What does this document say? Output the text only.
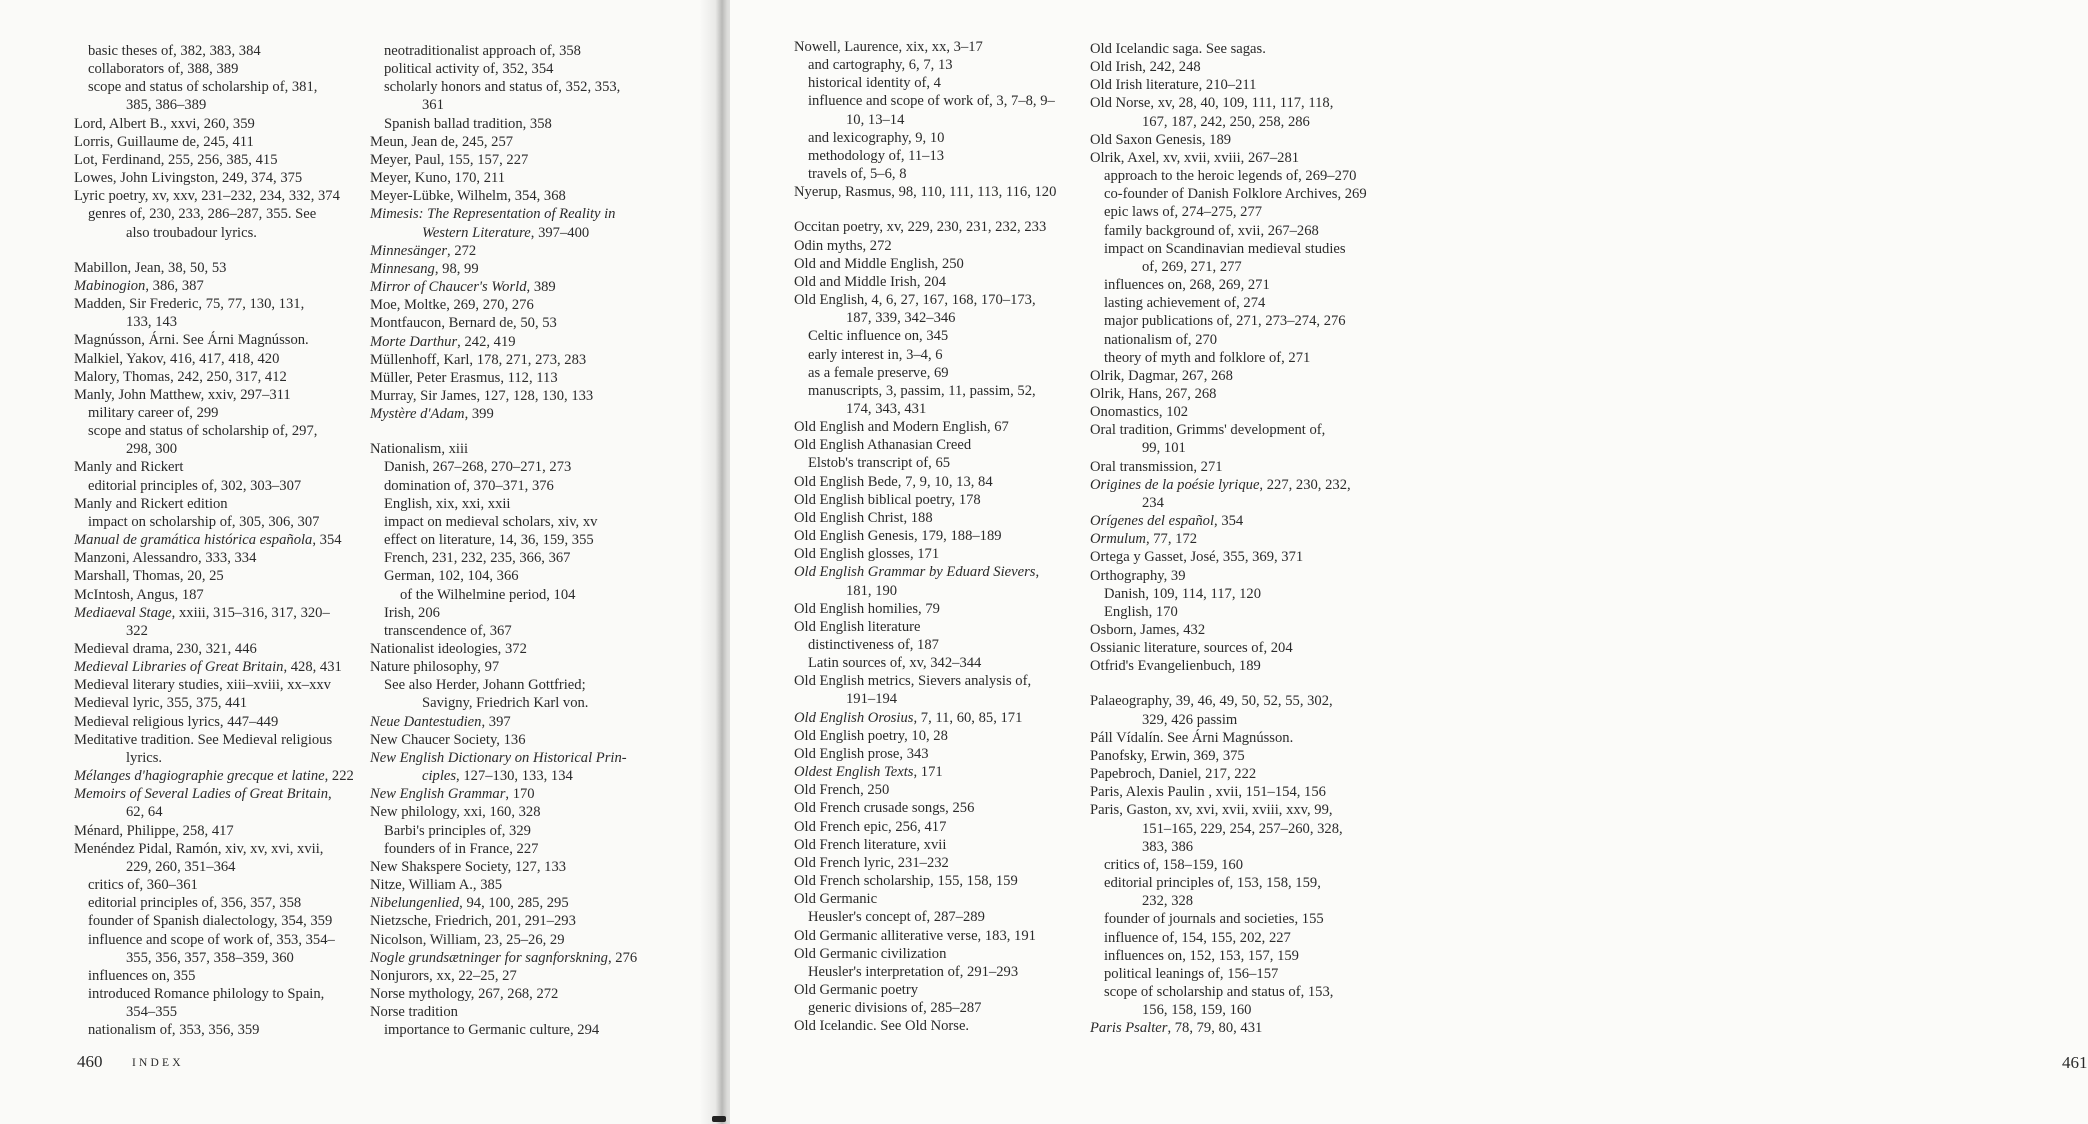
basic theses of, 382, 383, 384
collaborators of, 388, 389
scope and status of scholarship of, 381,
385, 386–389
Lord, Albert B., xxvi, 260, 359
Lorris, Guillaume de, 245, 411
Lot, Ferdinand, 255, 256, 385, 415
Lowes, John Livingston, 249, 374, 375
Lyric poetry, xv, xxv, 231–232, 234, 332, 374
genres of, 230, 233, 286–287, 355. See
also troubadour lyrics.
Mabillon, Jean, 38, 50, 53
Mabinogion, 386, 387
Madden, Sir Frederic, 75, 77, 130, 131,
133, 143
Magnússon, Árni. See Árni Magnússon.
Malkiel, Yakov, 416, 417, 418, 420
Malory, Thomas, 242, 250, 317, 412
Manly, John Matthew, xxiv, 297–311
military career of, 299
scope and status of scholarship of, 297,
298, 300
Manly and Rickert
editorial principles of, 302, 303–307
Manly and Rickert edition
impact on scholarship of, 305, 306, 307
Manual de gramática histórica española, 354
Manzoni, Alessandro, 333, 334
Marshall, Thomas, 20, 25
McIntosh, Angus, 187
Mediaeval Stage, xxiii, 315–316, 317, 320–
322
Medieval drama, 230, 321, 446
Medieval Libraries of Great Britain, 428, 431
Medieval literary studies, xiii–xviii, xx–xxv
Medieval lyric, 355, 375, 441
Medieval religious lyrics, 447–449
Meditative tradition. See Medieval religious
lyrics.
Mélanges d'hagiographie grecque et latine, 222
Memoirs of Several Ladies of Great Britain,
62, 64
Ménard, Philippe, 258, 417
Menéndez Pidal, Ramón, xiv, xv, xvi, xvii,
229, 260, 351–364
critics of, 360–361
editorial principles of, 356, 357, 358
founder of Spanish dialectology, 354, 359
influence and scope of work of, 353, 354–
355, 356, 357, 358–359, 360
influences on, 355
introduced Romance philology to Spain,
354–355
nationalism of, 353, 356, 359
neotraditionalist approach of, 358
political activity of, 352, 354
scholarly honors and status of, 352, 353,
361
Spanish ballad tradition, 358
Meun, Jean de, 245, 257
Meyer, Paul, 155, 157, 227
Meyer, Kuno, 170, 211
Meyer-Lübke, Wilhelm, 354, 368
Mimesis: The Representation of Reality in
Western Literature, 397–400
Minnesänger, 272
Minnesang, 98, 99
Mirror of Chaucer's World, 389
Moe, Moltke, 269, 270, 276
Montfaucon, Bernard de, 50, 53
Morte Darthur, 242, 419
Müllenhoff, Karl, 178, 271, 273, 283
Müller, Peter Erasmus, 112, 113
Murray, Sir James, 127, 128, 130, 133
Mystère d'Adam, 399
Nationalism, xiii
Danish, 267–268, 270–271, 273
domination of, 370–371, 376
English, xix, xxi, xxii
impact on medieval scholars, xiv, xv
effect on literature, 14, 36, 159, 355
French, 231, 232, 235, 366, 367
German, 102, 104, 366
of the Wilhelmine period, 104
Irish, 206
transcendence of, 367
Nationalist ideologies, 372
Nature philosophy, 97
See also Herder, Johann Gottfried;
Savigny, Friedrich Karl von.
Neue Dantestudien, 397
New Chaucer Society, 136
New English Dictionary on Historical Prin-
ciples, 127–130, 133, 134
New English Grammar, 170
New philology, xxi, 160, 328
Barbi's principles of, 329
founders of in France, 227
New Shakspere Society, 127, 133
Nitze, William A., 385
Nibelungenlied, 94, 100, 285, 295
Nietzsche, Friedrich, 201, 291–293
Nicolson, William, 23, 25–26, 29
Nogle grundsætninger for sagnforskning, 276
Nonjurors, xx, 22–25, 27
Norse mythology, 267, 268, 272
Norse tradition
importance to Germanic culture, 294
460	INDEX	461
Nowell, Laurence, xix, xx, 3–17
and cartography, 6, 7, 13
historical identity of, 4
influence and scope of work of, 3, 7–8, 9–
10, 13–14
and lexicography, 9, 10
methodology of, 11–13
travels of, 5–6, 8
Nyerup, Rasmus, 98, 110, 111, 113, 116, 120
Occitan poetry, xv, 229, 230, 231, 232, 233
Odin myths, 272
Old and Middle English, 250
Old and Middle Irish, 204
Old English, 4, 6, 27, 167, 168, 170–173,
187, 339, 342–346
Celtic influence on, 345
early interest in, 3–4, 6
as a female preserve, 69
manuscripts, 3, passim, 11, passim, 52,
174, 343, 431
Old English and Modern English, 67
Old English Athanasian Creed
Elstob's transcript of, 65
Old English Bede, 7, 9, 10, 13, 84
Old English biblical poetry, 178
Old English Christ, 188
Old English Genesis, 179, 188–189
Old English glosses, 171
Old English Grammar by Eduard Sievers,
181, 190
Old English homilies, 79
Old English literature
distinctiveness of, 187
Latin sources of, xv, 342–344
Old English metrics, Sievers analysis of,
191–194
Old English Orosius, 7, 11, 60, 85, 171
Old English poetry, 10, 28
Old English prose, 343
Oldest English Texts, 171
Old French, 250
Old French crusade songs, 256
Old French epic, 256, 417
Old French literature, xvii
Old French lyric, 231–232
Old French scholarship, 155, 158, 159
Old Germanic
Heusler's concept of, 287–289
Old Germanic alliterative verse, 183, 191
Old Germanic civilization
Heusler's interpretation of, 291–293
Old Germanic poetry
generic divisions of, 285–287
Old Icelandic. See Old Norse.
Old Icelandic saga. See sagas.
Old Irish, 242, 248
Old Irish literature, 210–211
Old Norse, xv, 28, 40, 109, 111, 117, 118,
167, 187, 242, 250, 258, 286
Old Saxon Genesis, 189
Olrik, Axel, xv, xvii, xviii, 267–281
approach to the heroic legends of, 269–270
co-founder of Danish Folklore Archives, 269
epic laws of, 274–275, 277
family background of, xvii, 267–268
impact on Scandinavian medieval studies
of, 269, 271, 277
influences on, 268, 269, 271
lasting achievement of, 274
major publications of, 271, 273–274, 276
nationalism of, 270
theory of myth and folklore of, 271
Olrik, Dagmar, 267, 268
Olrik, Hans, 267, 268
Onomastics, 102
Oral tradition, Grimms' development of,
99, 101
Oral transmission, 271
Origines de la poésie lyrique, 227, 230, 232,
234
Orígenes del español, 354
Ormulum, 77, 172
Ortega y Gasset, José, 355, 369, 371
Orthography, 39
Danish, 109, 114, 117, 120
English, 170
Osborn, James, 432
Ossianic literature, sources of, 204
Otfrid's Evangelienbuch, 189
Palaeography, 39, 46, 49, 50, 52, 55, 302,
329, 426 passim
Páll Vídalín. See Árni Magnússon.
Panofsky, Erwin, 369, 375
Papebroch, Daniel, 217, 222
Paris, Alexis Paulin , xvii, 151–154, 156
Paris, Gaston, xv, xvi, xvii, xviii, xxv, 99,
151–165, 229, 254, 257–260, 328,
383, 386
critics of, 158–159, 160
editorial principles of, 153, 158, 159,
232, 328
founder of journals and societies, 155
influence of, 154, 155, 202, 227
influences on, 152, 153, 157, 159
political leanings of, 156–157
scope of scholarship and status of, 153,
156, 158, 159, 160
Paris Psalter, 78, 79, 80, 431
